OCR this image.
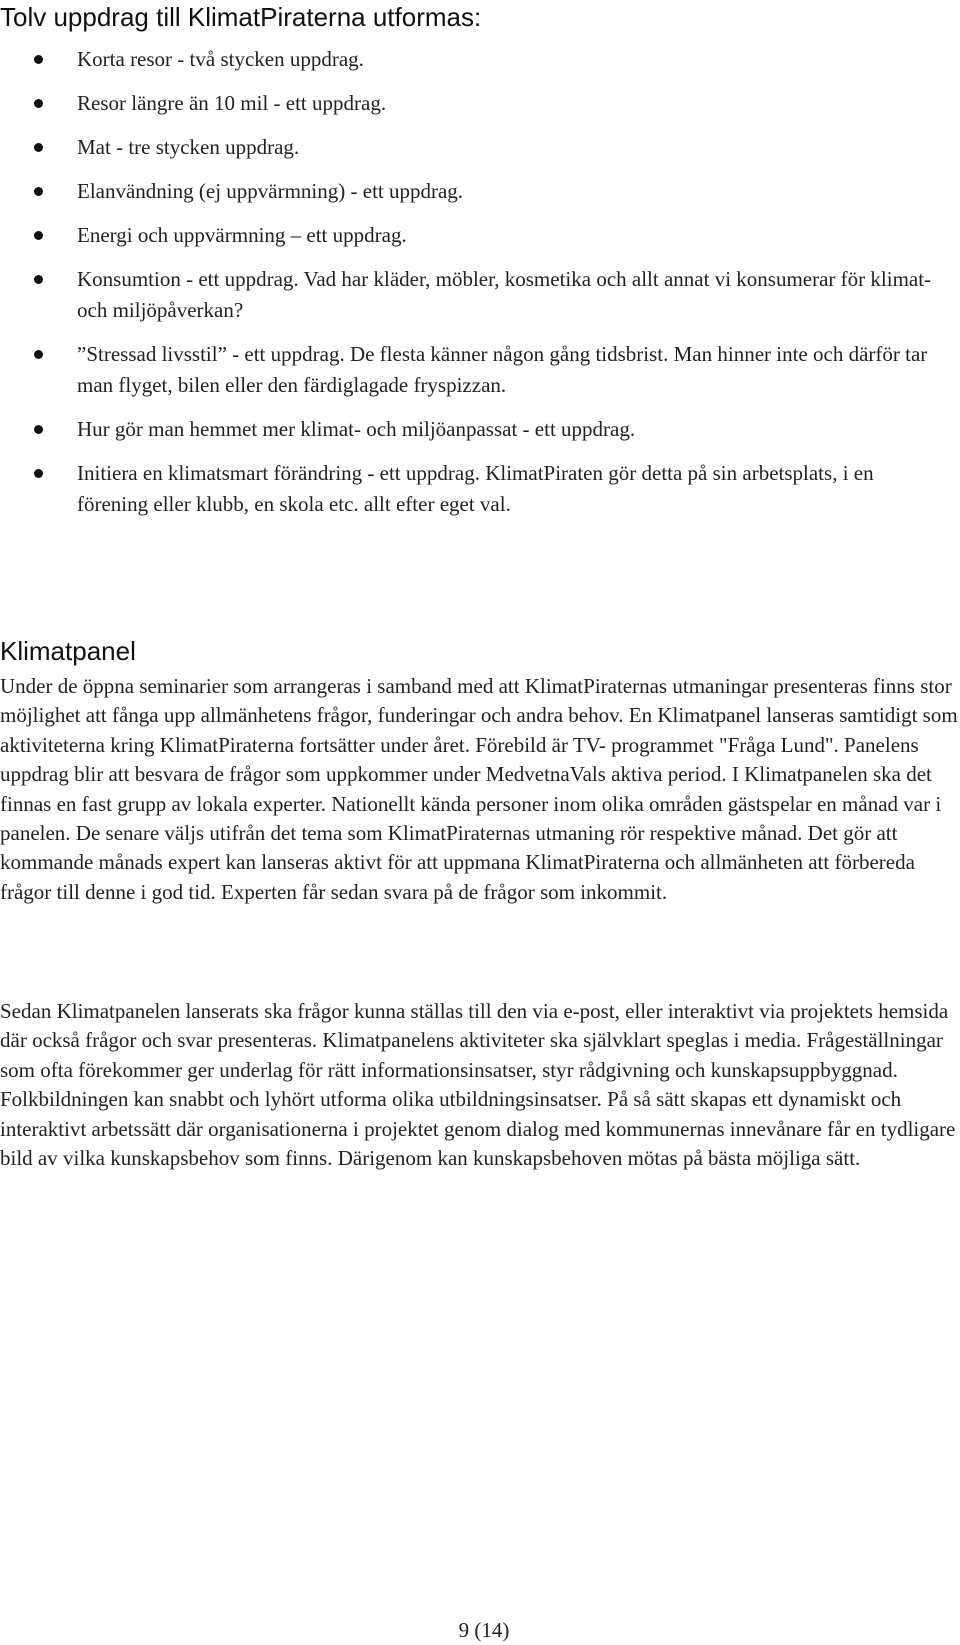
Tolv uppdrag till KlimatPiraterna utformas:
Korta resor - två stycken uppdrag.
Resor längre än 10 mil - ett uppdrag.
Mat - tre stycken uppdrag.
Elanvändning (ej uppvärmning) - ett uppdrag.
Energi och uppvärmning – ett uppdrag.
Konsumtion - ett uppdrag. Vad har kläder, möbler, kosmetika och allt annat vi konsumerar för klimat- och miljöpåverkan?
”Stressad livsstil” - ett uppdrag. De flesta känner någon gång tidsbrist. Man hinner inte och därför tar man flyget, bilen eller den färdiglagade fryspizzan.
Hur gör man hemmet mer klimat- och miljöanpassat - ett uppdrag.
Initiera en klimatsmart förändring - ett uppdrag. KlimatPiraten gör detta på sin arbetsplats, i en förening eller klubb, en skola etc. allt efter eget val.
Klimatpanel

Under de öppna seminarier som arrangeras i samband med att KlimatPiraternas utmaningar presenteras finns stor möjlighet att fånga upp allmänhetens frågor, funderingar och andra behov. En Klimatpanel lanseras samtidigt som aktiviteterna kring KlimatPiraterna fortsätter under året. Förebild är TV- programmet "Fråga Lund". Panelens uppdrag blir att besvara de frågor som uppkommer under MedvetnaVals aktiva period. I Klimatpanelen ska det finnas en fast grupp av lokala experter. Nationellt kända personer inom olika områden gästspelar en månad var i panelen. De senare väljs utifrån det tema som KlimatPiraternas utmaning rör respektive månad. Det gör att kommande månads expert kan lanseras aktivt för att uppmana KlimatPiraterna och allmänheten att förbereda frågor till denne i god tid. Experten får sedan svara på de frågor som inkommit.

Sedan Klimatpanelen lanserats ska frågor kunna ställas till den via e-post, eller interaktivt via projektets hemsida där också frågor och svar presenteras. Klimatpanelens aktiviteter ska självklart speglas i media. Frågeställningar som ofta förekommer ger underlag för rätt informationsinsatser, styr rådgivning och kunskapsuppbyggnad. Folkbildningen kan snabbt och lyhört utforma olika utbildningsinsatser. På så sätt skapas ett dynamiskt och interaktivt arbetssätt där organisationerna i projektet genom dialog med kommunernas innevånare får en tydligare bild av vilka kunskapsbehov som finns. Därigenom kan kunskapsbehoven mötas på bästa möjliga sätt.

9 (14)
